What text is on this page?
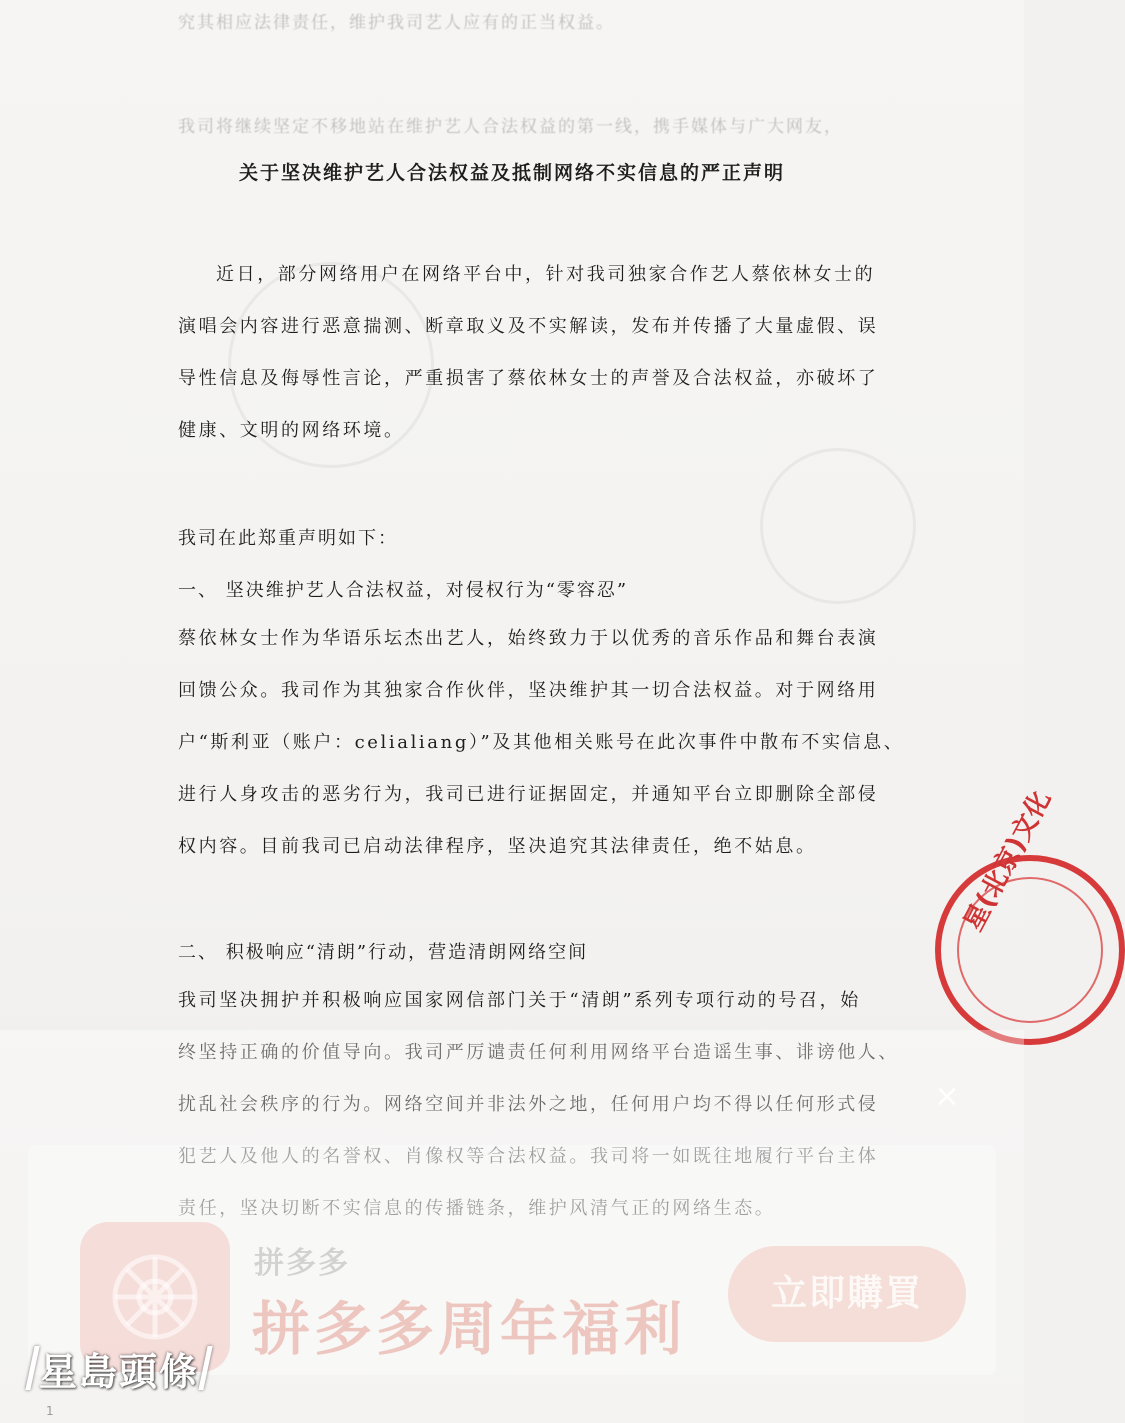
究其相应法律责任，维护我司艺人应有的正当权益。
我司将继续坚定不移地站在维护艺人合法权益的第一线，携手媒体与广大网友，
关于坚决维护艺人合法权益及抵制网络不实信息的严正声明
近日，部分网络用户在网络平台中，针对我司独家合作艺人蔡依林女士的
演唱会内容进行恶意揣测、断章取义及不实解读，发布并传播了大量虚假、误
导性信息及侮辱性言论，严重损害了蔡依林女士的声誉及合法权益，亦破坏了
健康、文明的网络环境。
我司在此郑重声明如下：
一、 坚决维护艺人合法权益，对侵权行为“零容忍”
蔡依林女士作为华语乐坛杰出艺人，始终致力于以优秀的音乐作品和舞台表演
回馈公众。我司作为其独家合作伙伴，坚决维护其一切合法权益。对于网络用
户“斯利亚（账户：celialiang）”及其他相关账号在此次事件中散布不实信息、
进行人身攻击的恶劣行为，我司已进行证据固定，并通知平台立即删除全部侵
权内容。目前我司已启动法律程序，坚决追究其法律责任，绝不姑息。
二、 积极响应“清朗”行动，营造清朗网络空间
我司坚决拥护并积极响应国家网信部门关于“清朗”系列专项行动的号召，始
终坚持正确的价值导向。我司严厉谴责任何利用网络平台造谣生事、诽谤他人、
扰乱社会秩序的行为。网络空间并非法外之地，任何用户均不得以任何形式侵
犯艺人及他人的名誉权、肖像权等合法权益。我司将一如既往地履行平台主体
责任，坚决切断不实信息的传播链条，维护风清气正的网络生态。
星(北京)文化
×
拼多多
拼多多周年福利
立即購買
星島頭條
1
